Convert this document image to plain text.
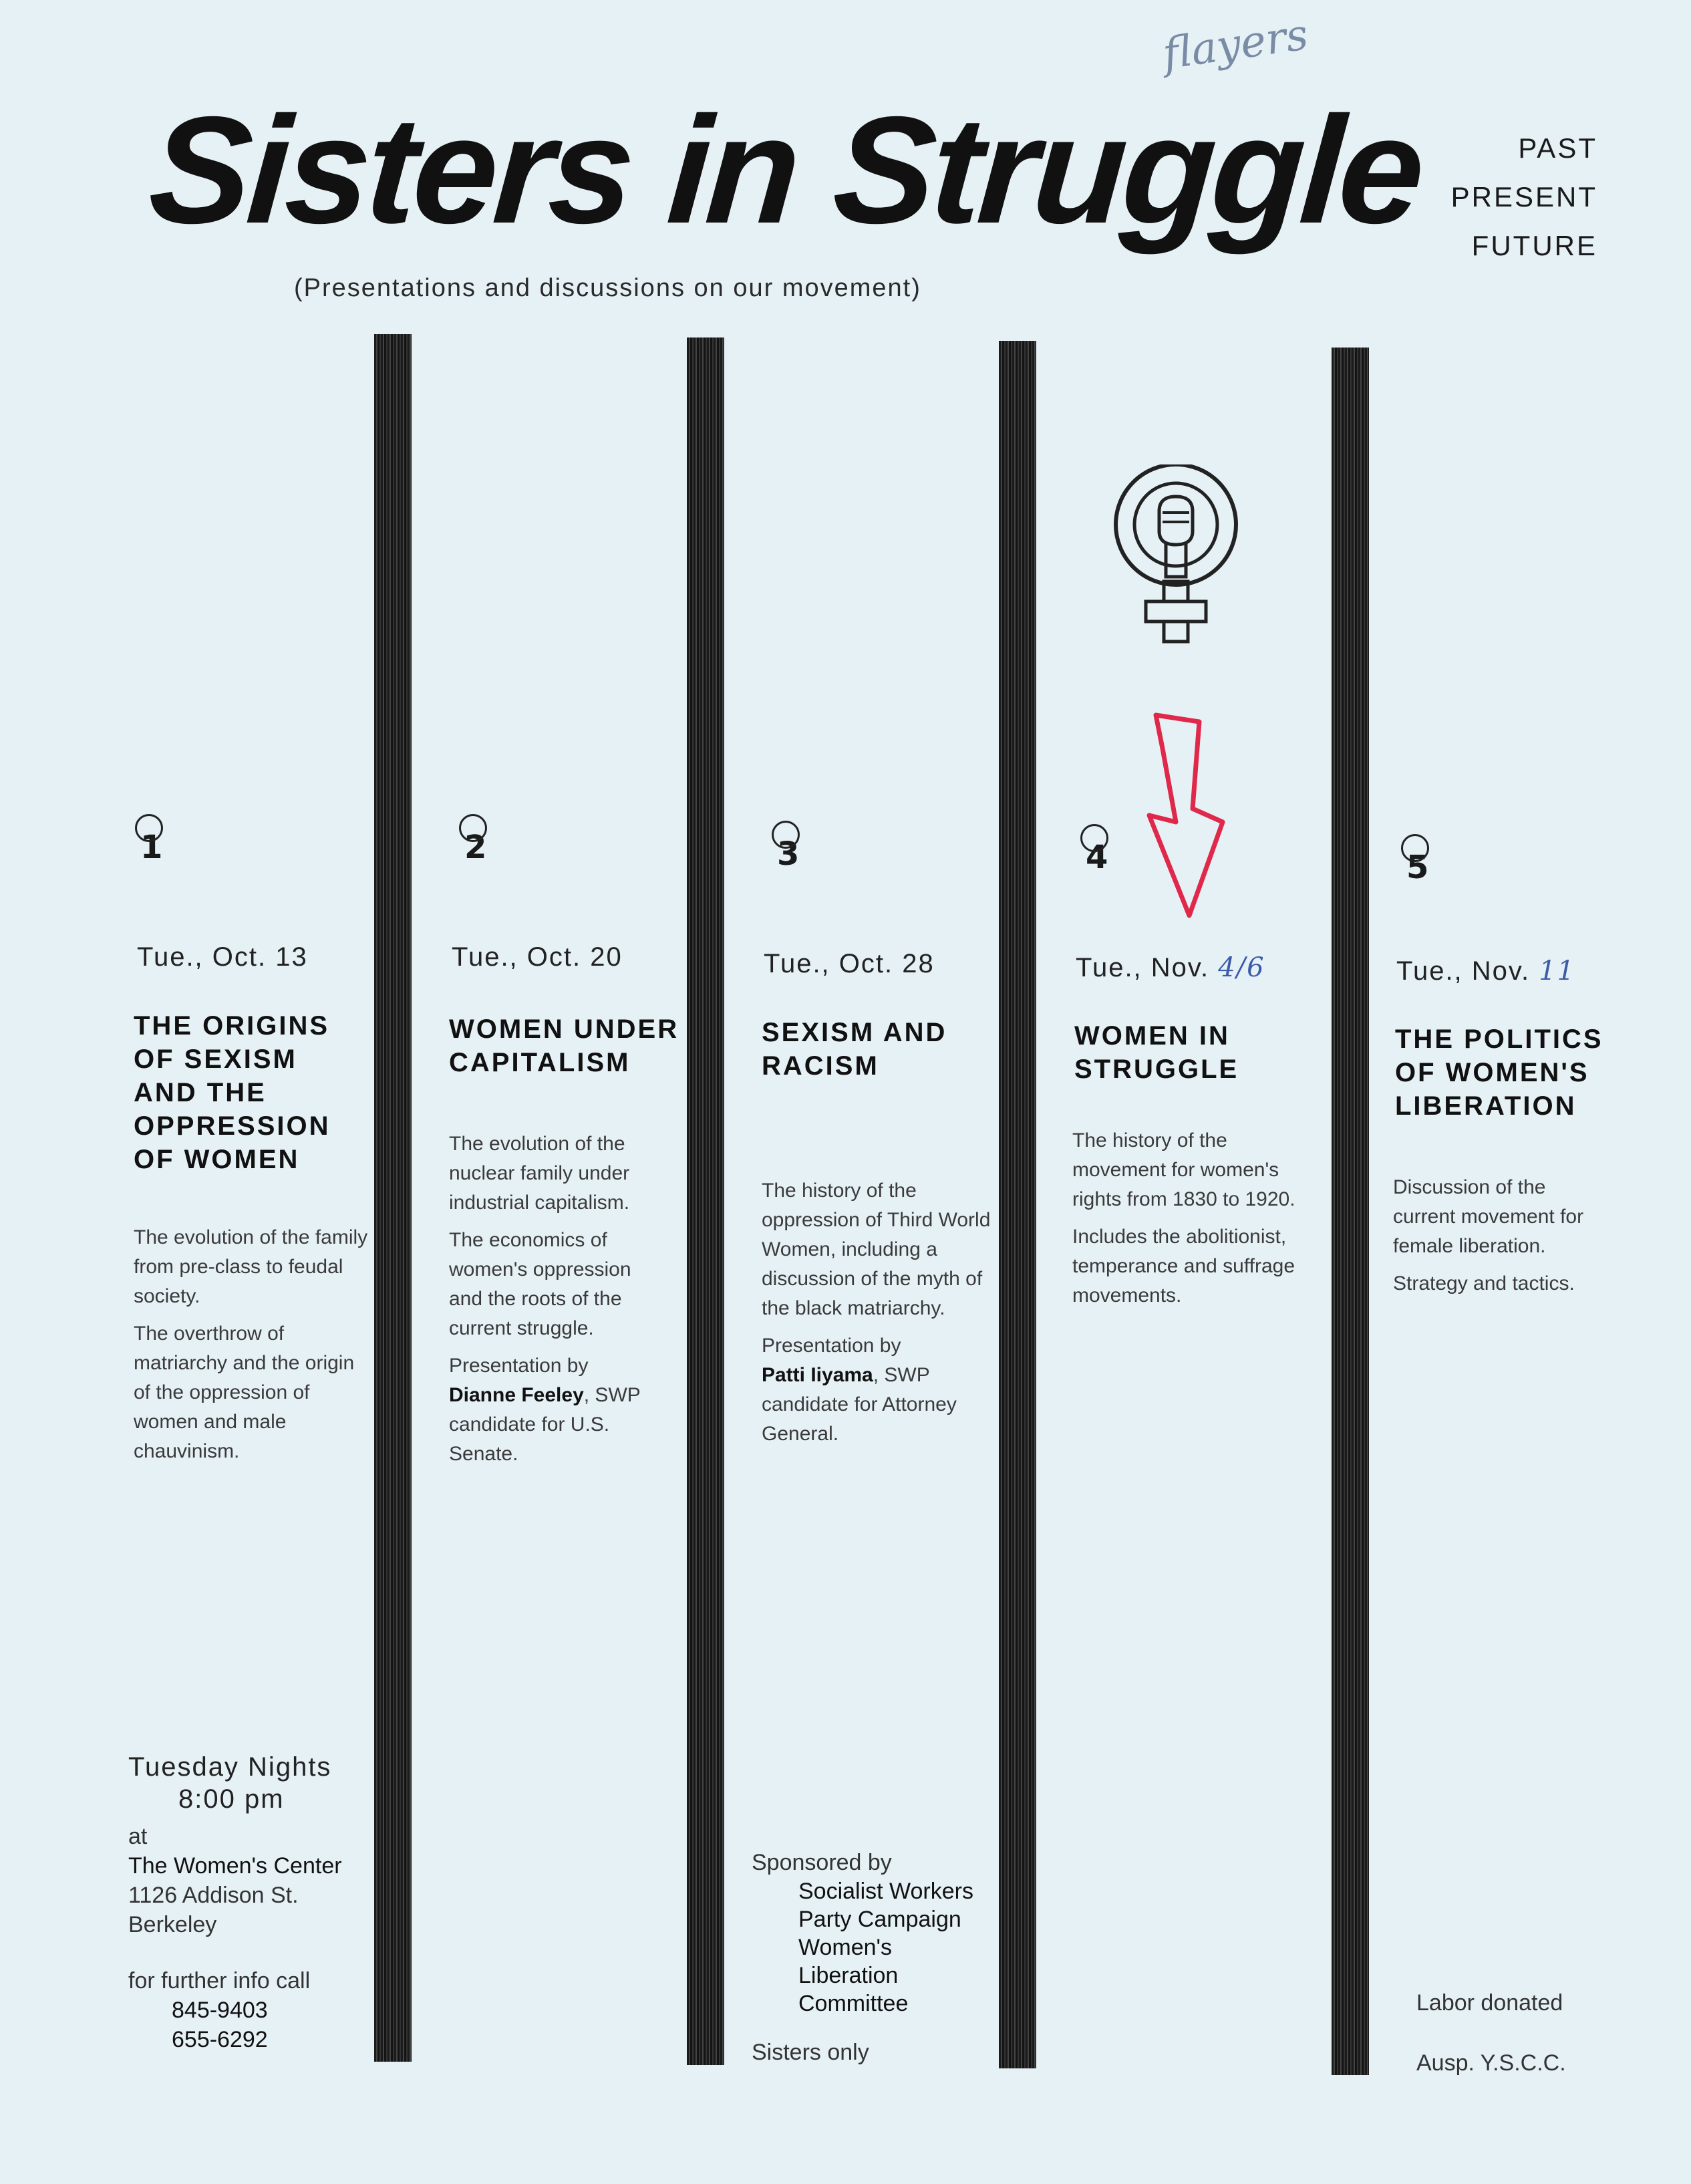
flayers
Sisters in Struggle	PAST
PRESENT
FUTURE
(Presentations and discussions on our movement)
1
Tue., Oct. 13
THE ORIGINS
OF SEXISM
AND THE
OPPRESSION
OF WOMEN

The evolution of the family from pre-class to feudal society.

The overthrow of matriarchy and the origin of the oppression of women and male chauvinism.

2
Tue., Oct. 20
WOMEN UNDER
CAPITALISM

The evolution of the nuclear family under industrial capitalism.

The economics of women's oppression and the roots of the current struggle.

Presentation by
Dianne Feeley, SWP candidate for U.S. Senate.

3
Tue., Oct. 28
SEXISM AND
RACISM

The history of the oppression of Third World Women, including a discussion of the myth of the black matriarchy.

Presentation by
Patti Iiyama, SWP candidate for Attorney General.

4
Tue., Nov. 4/6
WOMEN IN
STRUGGLE

The history of the movement for women's rights from 1830 to 1920.

Includes the abolitionist, temperance and suffrage movements.

5
Tue., Nov. 11
THE POLITICS
OF WOMEN'S
LIBERATION

Discussion of the current movement for female liberation.

Strategy and tactics.

Tuesday Nights
8:00 pm
at
The Women's Center
1126 Addison St.
Berkeley
for further info call
845-9403
655-6292
Sponsored by
Socialist Workers
Party Campaign
Women's
Liberation
Committee
Sisters only
Labor donated
Ausp. Y.S.C.C.
